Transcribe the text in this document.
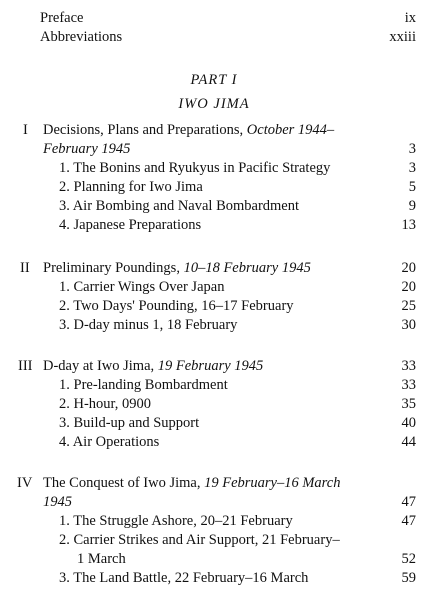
Preface	ix
Abbreviations	xxiii
PART I
IWO JIMA
I Decisions, Plans and Preparations, October 1944–
February 1945	3
1. The Bonins and Ryukyus in Pacific Strategy	3
2. Planning for Iwo Jima	5
3. Air Bombing and Naval Bombardment	9
4. Japanese Preparations	13
II Preliminary Poundings, 10–18 February 1945	20
1. Carrier Wings Over Japan	20
2. Two Days' Pounding, 16–17 February	25
3. D-day minus 1, 18 February	30
III D-day at Iwo Jima, 19 February 1945	33
1. Pre-landing Bombardment	33
2. H-hour, 0900	35
3. Build-up and Support	40
4. Air Operations	44
IV The Conquest of Iwo Jima, 19 February–16 March
1945	47
1. The Struggle Ashore, 20–21 February	47
2. Carrier Strikes and Air Support, 21 February–
1 March	52
3. The Land Battle, 22 February–16 March	59
